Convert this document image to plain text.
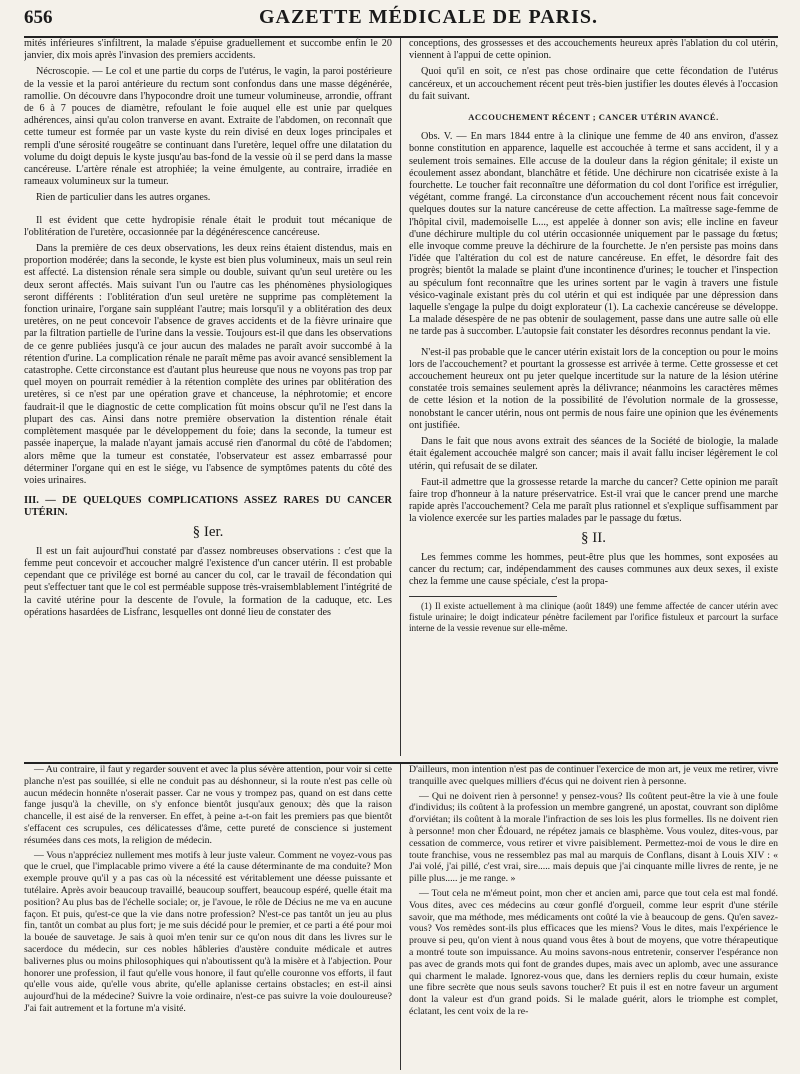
656	GAZETTE MÉDICALE DE PARIS.

mités inférieures s'infiltrent, la malade s'épuise graduellement et succombe enfin le 20 janvier, dix mois après l'invasion des premiers accidents.

Nécroscopie. — Le col et une partie du corps de l'utérus, le vagin, la paroi postérieure de la vessie et la paroi antérieure du rectum sont confondus dans une masse dégénérée, ramollie. On découvre dans l'hypocondre droit une tumeur volumineuse, arrondie, offrant de 6 à 7 pouces de diamètre, refoulant le foie auquel elle est unie par quelques adhérences, ainsi qu'au colon tranverse en avant. Extraite de l'abdomen, on reconnaît que cette tumeur est formée par un vaste kyste du rein divisé en deux loges principales et rempli d'une sérosité rougeâtre se continuant dans l'uretère, lequel offre une dilatation du volume du doigt depuis le kyste jusqu'au bas-fond de la vessie où il se perd dans la masse cancéreuse. L'artère rénale est atrophiée; la veine émulgente, au contraire, irradiée en rameaux volumineux sur la tumeur.

Rien de particulier dans les autres organes.

Il est évident que cette hydropisie rénale était le produit tout mécanique de l'oblitération de l'uretère, occasionnée par la dégénérescence cancéreuse.

Dans la première de ces deux observations, les deux reins étaient distendus, mais en proportion modérée; dans la seconde, le kyste est bien plus volumineux, mais un seul rein est affecté. La distension rénale sera simple ou double, suivant qu'un seul uretère ou les deux seront affectés. Mais suivant l'un ou l'autre cas les phénomènes physiologiques seront différents : l'oblitération d'un seul uretère ne supprime pas complètement la fonction urinaire, l'organe sain suppléant l'autre; mais lorsqu'il y a oblitération des deux uretères, on ne peut concevoir l'absence de graves accidents et de la fièvre urinaire que par la filtration partielle de l'urine dans la vessie. Toujours est-il que dans les observations de ce genre publiées jusqu'à ce jour aucun des malades ne paraît avoir succombé à la rétention d'urine. La complication rénale ne paraît même pas avoir avancé sensiblement la catastrophe. Cette circonstance est d'autant plus heureuse que nous ne voyons pas trop par quel moyen on pourrait remédier à la rétention complète des urines par oblitération des uretères, si ce n'est par une opération grave et chanceuse, la néphrotomie; et encore faudrait-il que le diagnostic de cette complication fût moins obscur qu'il ne l'est dans la plupart des cas. Ainsi dans notre première observation la distention rénale était complètement masquée par le développement du foie; dans la seconde, la tumeur est passée inaperçue, la malade n'ayant jamais accusé rien d'anormal du côté de l'abdomen; alors même que la tumeur est constatée, l'observateur est assez embarrassé pour déterminer l'organe qui en est le siége, vu l'absence de symptômes patents du côté des voies urinaires.

III. — DE QUELQUES COMPLICATIONS ASSEZ RARES DU CANCER UTÉRIN.
§ Ier.

Il est un fait aujourd'hui constaté par d'assez nombreuses observations : c'est que la femme peut concevoir et accoucher malgré l'existence d'un cancer utérin. Il est probable cependant que ce privilége est borné au cancer du col, car le travail de fécondation qui peut s'effectuer tant que le col est perméable suppose très-vraisemblablement l'intégrité de la cavité utérine pour la descente de l'ovule, la formation de la caduque, etc. Les opérations hasardées de Lisfranc, lesquelles ont donné lieu de constater des

conceptions, des grossesses et des accouchements heureux après l'ablation du col utérin, viennent à l'appui de cette opinion.

Quoi qu'il en soit, ce n'est pas chose ordinaire que cette fécondation de l'utérus cancéreux, et un accouchement récent peut très-bien justifier les doutes élevés à l'occasion du fait suivant.

ACCOUCHEMENT RÉCENT ; CANCER UTÉRIN AVANCÉ.

Obs. V. — En mars 1844 entre à la clinique une femme de 40 ans environ, d'assez bonne constitution en apparence, laquelle est accouchée à terme et sans accident, il y a seulement trois semaines. Elle accuse de la douleur dans la région génitale; il existe un écoulement assez abondant, blanchâtre et fétide. Une déchirure non cicatrisée existe à la fourchette. Le toucher fait reconnaître une déformation du col dont l'orifice est irrégulier, végétant, comme frangé. La circonstance d'un accouchement récent nous fait concevoir quelques doutes sur la nature cancéreuse de cette affection. La maîtresse sage-femme de l'hôpital civil, mademoiselle L..., est appelée à donner son avis; elle incline en faveur d'une déchirure multiple du col utérin occasionnée uniquement par le passage du fœtus; elle invoque comme preuve la déchirure de la fourchette. Je n'en persiste pas moins dans l'idée que l'altération du col est de nature cancéreuse. En effet, le désordre fait des progrès; bientôt la malade se plaint d'une incontinence d'urines; le toucher et l'inspection au spéculum font reconnaître que les urines sortent par le vagin à travers une fistule vésico-vaginale existant près du col utérin et qui est indiquée par une dépression dans laquelle s'engage la pulpe du doigt explorateur (1). La cachexie cancéreuse se développe. La malade désespère de ne pas obtenir de soulagement, passe dans une autre salle où elle ne tarde pas à succomber. L'autopsie fait constater les désordres reconnus pendant la vie.

N'est-il pas probable que le cancer utérin existait lors de la conception ou pour le moins lors de l'accouchement? et pourtant la grossesse est arrivée à terme. Cette grossesse et cet accouchement heureux ont pu jeter quelque incertitude sur la nature de la lésion utérine constatée trois semaines seulement après la délivrance; néanmoins les caractères mêmes de cette lésion et la notion de la possibilité de l'évolution normale de la grossesse, nonobstant le cancer utérin, nous ont permis de nous faire une opinion que les événements ont justifiée.

Dans le fait que nous avons extrait des séances de la Société de biologie, la malade était également accouchée malgré son cancer; mais il avait fallu inciser légèrement le col utérin, qui refusait de se dilater.

Faut-il admettre que la grossesse retarde la marche du cancer? Cette opinion me paraît faire trop d'honneur à la nature préservatrice. Est-il vrai que le cancer prend une marche rapide après l'accouchement? Cela me paraît plus rationnel et s'explique suffisamment par la violence exercée sur les parties malades par le passage du fœtus.

§ II.

Les femmes comme les hommes, peut-être plus que les hommes, sont exposées au cancer du rectum; car, indépendamment des causes communes aux deux sexes, il existe chez la femme une cause spéciale, c'est la propa-

(1) Il existe actuellement à ma clinique (août 1849) une femme affectée de cancer utérin avec fistule urinaire; le doigt indicateur pénètre facilement par l'orifice fistuleux et parcourt la surface interne de la vessie revenue sur elle-même.

— Au contraire, il faut y regarder souvent et avec la plus sévère attention, pour voir si cette planche n'est pas souillée, si elle ne conduit pas au déshonneur, si la route n'est pas celle où aucun médecin honnête n'oserait passer. Car ne vous y trompez pas, quand on est dans cette fange jusqu'à la cheville, on s'y enfonce bientôt jusqu'aux genoux; dès que la raison chancelle, il est aisé de la renverser. En effet, à peine a-t-on fait les premiers pas que bientôt s'effacent ces scrupules, ces délicatesses d'âme, cette pureté de conscience si justement résumées dans ces mots, la religion de médecin.

— Vous n'appréciez nullement mes motifs à leur juste valeur. Comment ne voyez-vous pas que le cruel, que l'implacable primo vivere a été la cause déterminante de ma conduite? Mon exemple prouve qu'il y a pas cas où la nécessité est véritablement une déesse puissante et tutélaire. Après avoir beaucoup travaillé, beaucoup souffert, beaucoup espéré, quelle était ma position? Au plus bas de l'échelle sociale; or, je l'avoue, le rôle de Décius ne me va en aucune façon. Et puis, qu'est-ce que la vie dans notre profession? N'est-ce pas tantôt un jeu au plus fin, tantôt un combat au plus fort; je me suis décidé pour le premier, et ce parti a été pour moi la bouée de sauvetage. Je sais à quoi m'en tenir sur ce qu'on nous dit dans les livres sur le sacerdoce du médecin, sur ces nobles hâbleries d'austère conduite médicale et autres balivernes plus ou moins philosophiques qui n'aboutissent qu'à la misère et à l'abjection. Pour honorer une profession, il faut qu'elle vous honore, il faut qu'elle couronne vos efforts, il faut qu'elle vous aide, qu'elle vous abrite, qu'elle aplanisse certains obstacles; en est-il ainsi aujourd'hui de la médecine? Suivre la voie ordinaire, n'est-ce pas suivre la voie douloureuse? J'ai fait autrement et la fortune m'a visité.

D'ailleurs, mon intention n'est pas de continuer l'exercice de mon art, je veux me retirer, vivre tranquille avec quelques milliers d'écus qui ne doivent rien à personne.

— Qui ne doivent rien à personne! y pensez-vous? Ils coûtent peut-être la vie à une foule d'individus; ils coûtent à la profession un membre gangrené, un apostat, couvrant son diplôme d'orviétan; ils coûtent à la morale l'infraction de ses lois les plus formelles. Ils ne doivent rien à personne! mon cher Édouard, ne répétez jamais ce blasphème. Vous voulez, dites-vous, par cessation de commerce, vous retirer et vivre paisiblement. Permettez-moi de vous le dire en toute franchise, vous ne ressemblez pas mal au marquis de Conflans, disant à Louis XIV : « J'ai volé, j'ai pillé, c'est vrai, sire..... mais depuis que j'ai cinquante mille livres de rente, je ne pille plus..... je me range. »

— Tout cela ne m'émeut point, mon cher et ancien ami, parce que tout cela est mal fondé. Vous dites, avec ces médecins au cœur gonflé d'orgueil, comme leur esprit d'une stérile savoir, que ma méthode, mes médicaments ont coûté la vie à beaucoup de gens. Qu'en savez-vous? Vos remèdes sont-ils plus efficaces que les miens? Vous le dites, mais l'expérience le prouve si peu, qu'on vient à nous quand vous êtes à bout de moyens, que votre thérapeutique a montré toute son impuissance. Au moins savons-nous entretenir, conserver l'espérance non pas avec de grands mots qui font de grandes dupes, mais avec un aplomb, avec une assurance qui charment le malade. Ignorez-vous que, dans les derniers replis du cœur humain, existe une fibre secrète que nous seuls savons toucher? Et puis il est en notre faveur un argument dont la valeur est d'un grand poids. Si le malade guérit, alors le triomphe est complet, éclatant, les cent voix de la re-
